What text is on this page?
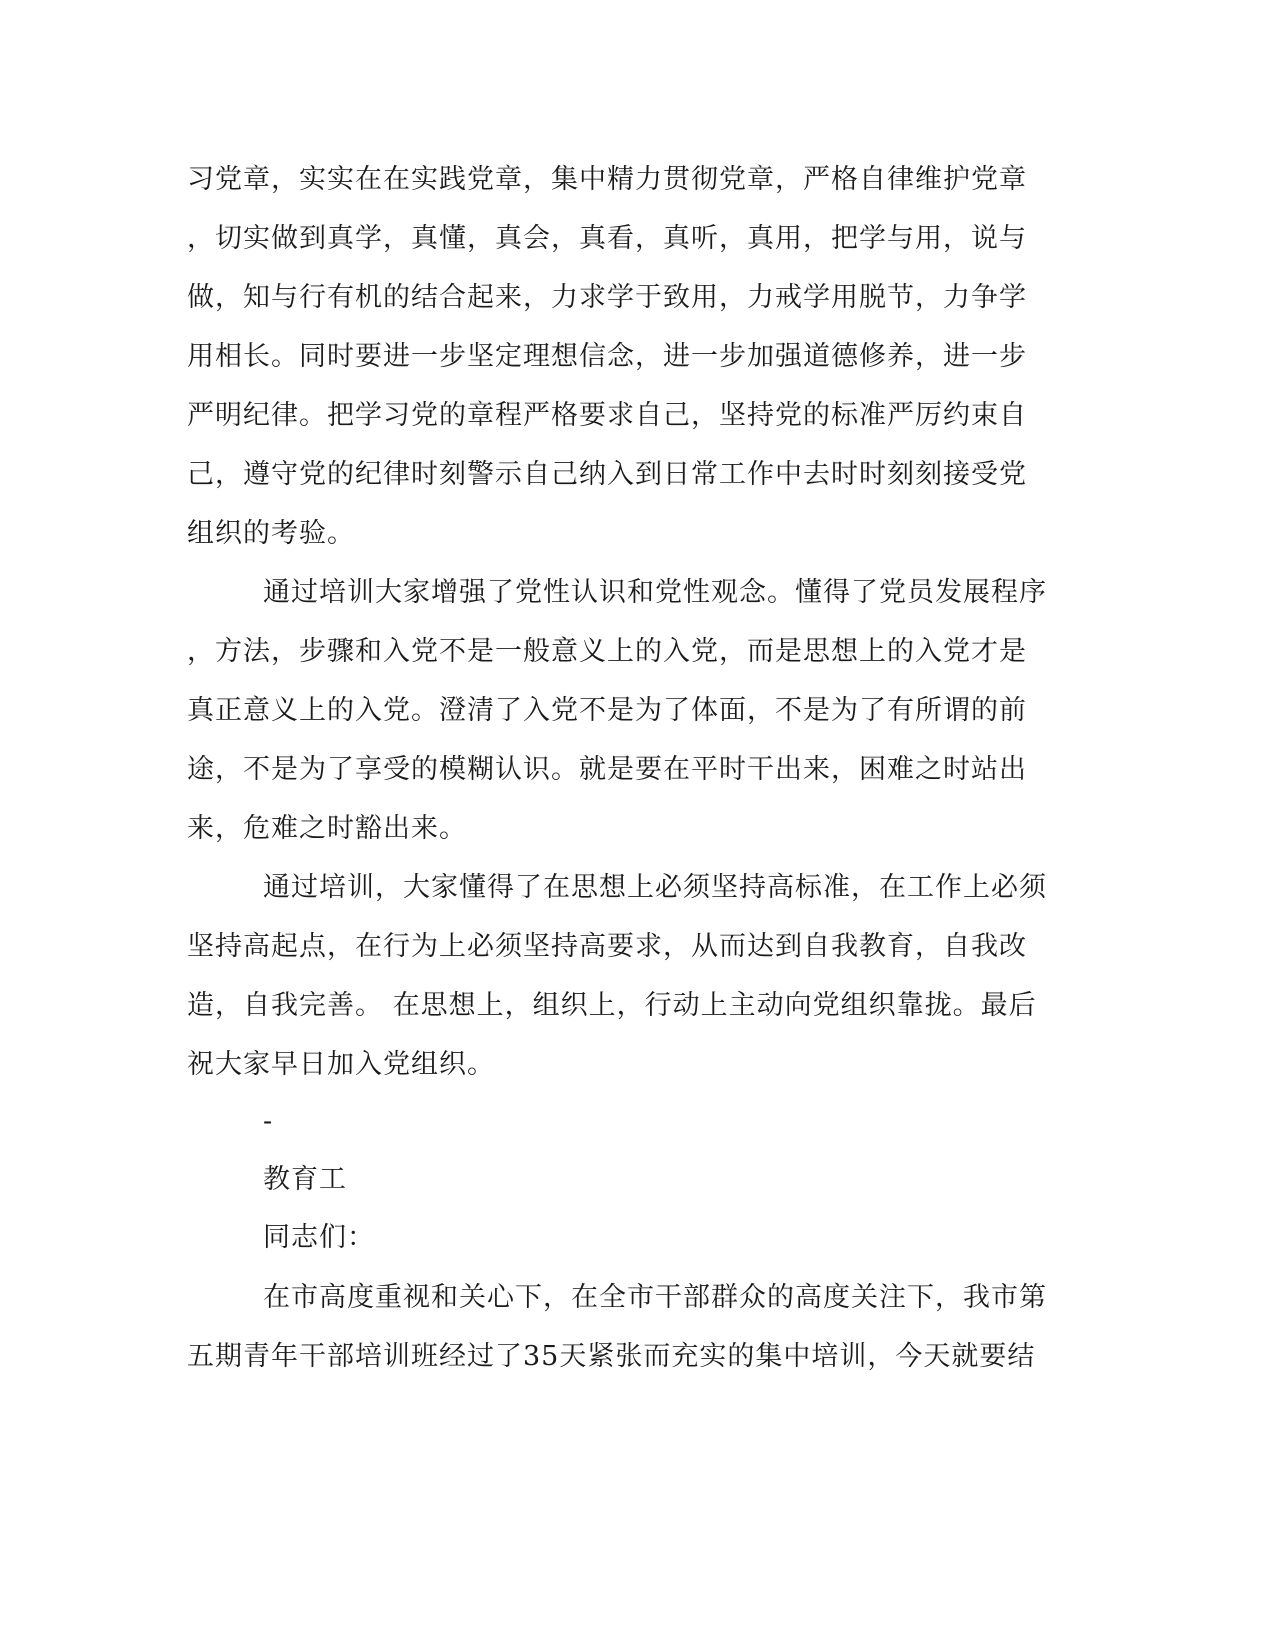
习党章，实实在在实践党章，集中精力贯彻党章，严格自律维护党章
，切实做到真学，真懂，真会，真看，真听，真用，把学与用，说与
做，知与行有机的结合起来，力求学于致用，力戒学用脱节，力争学
用相长。同时要进一步坚定理想信念，进一步加强道德修养，进一步
严明纪律。把学习党的章程严格要求自己，坚持党的标准严厉约束自
己，遵守党的纪律时刻警示自己纳入到日常工作中去时时刻刻接受党
组织的考验。
通过培训大家增强了党性认识和党性观念。懂得了党员发展程序
，方法，步骤和入党不是一般意义上的入党，而是思想上的入党才是
真正意义上的入党。澄清了入党不是为了体面，不是为了有所谓的前
途，不是为了享受的模糊认识。就是要在平时干出来，困难之时站出
来，危难之时豁出来。
通过培训，大家懂得了在思想上必须坚持高标准，在工作上必须
坚持高起点，在行为上必须坚持高要求，从而达到自我教育，自我改
造，自我完善。 在思想上，组织上，行动上主动向党组织靠拢。最后
祝大家早日加入党组织。
-
教育工
同志们：
在市高度重视和关心下，在全市干部群众的高度关注下，我市第
五期青年干部培训班经过了35天紧张而充实的集中培训，今天就要结
